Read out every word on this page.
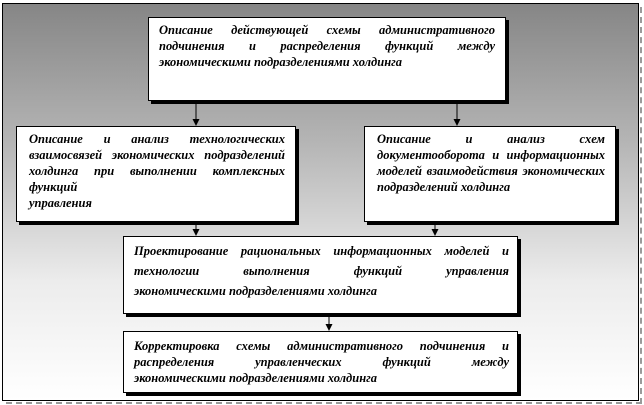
Описание действующей схемы административного подчинения и распределения функций между
экономическими подразделениями холдинга
Описание и анализ технологических взаимосвязей экономических подразделений холдинга при выполнении комплексных функций
управления
Описание и анализ схем документооборота и информационных моделей взаимодействия экономических
подразделений холдинга
Проектирование рациональных информационных моделей и технологии выполнения функций управления
экономическими подразделениями холдинга
Корректировка схемы административного подчинения и распределения управленческих функций между
экономическими подразделениями холдинга
